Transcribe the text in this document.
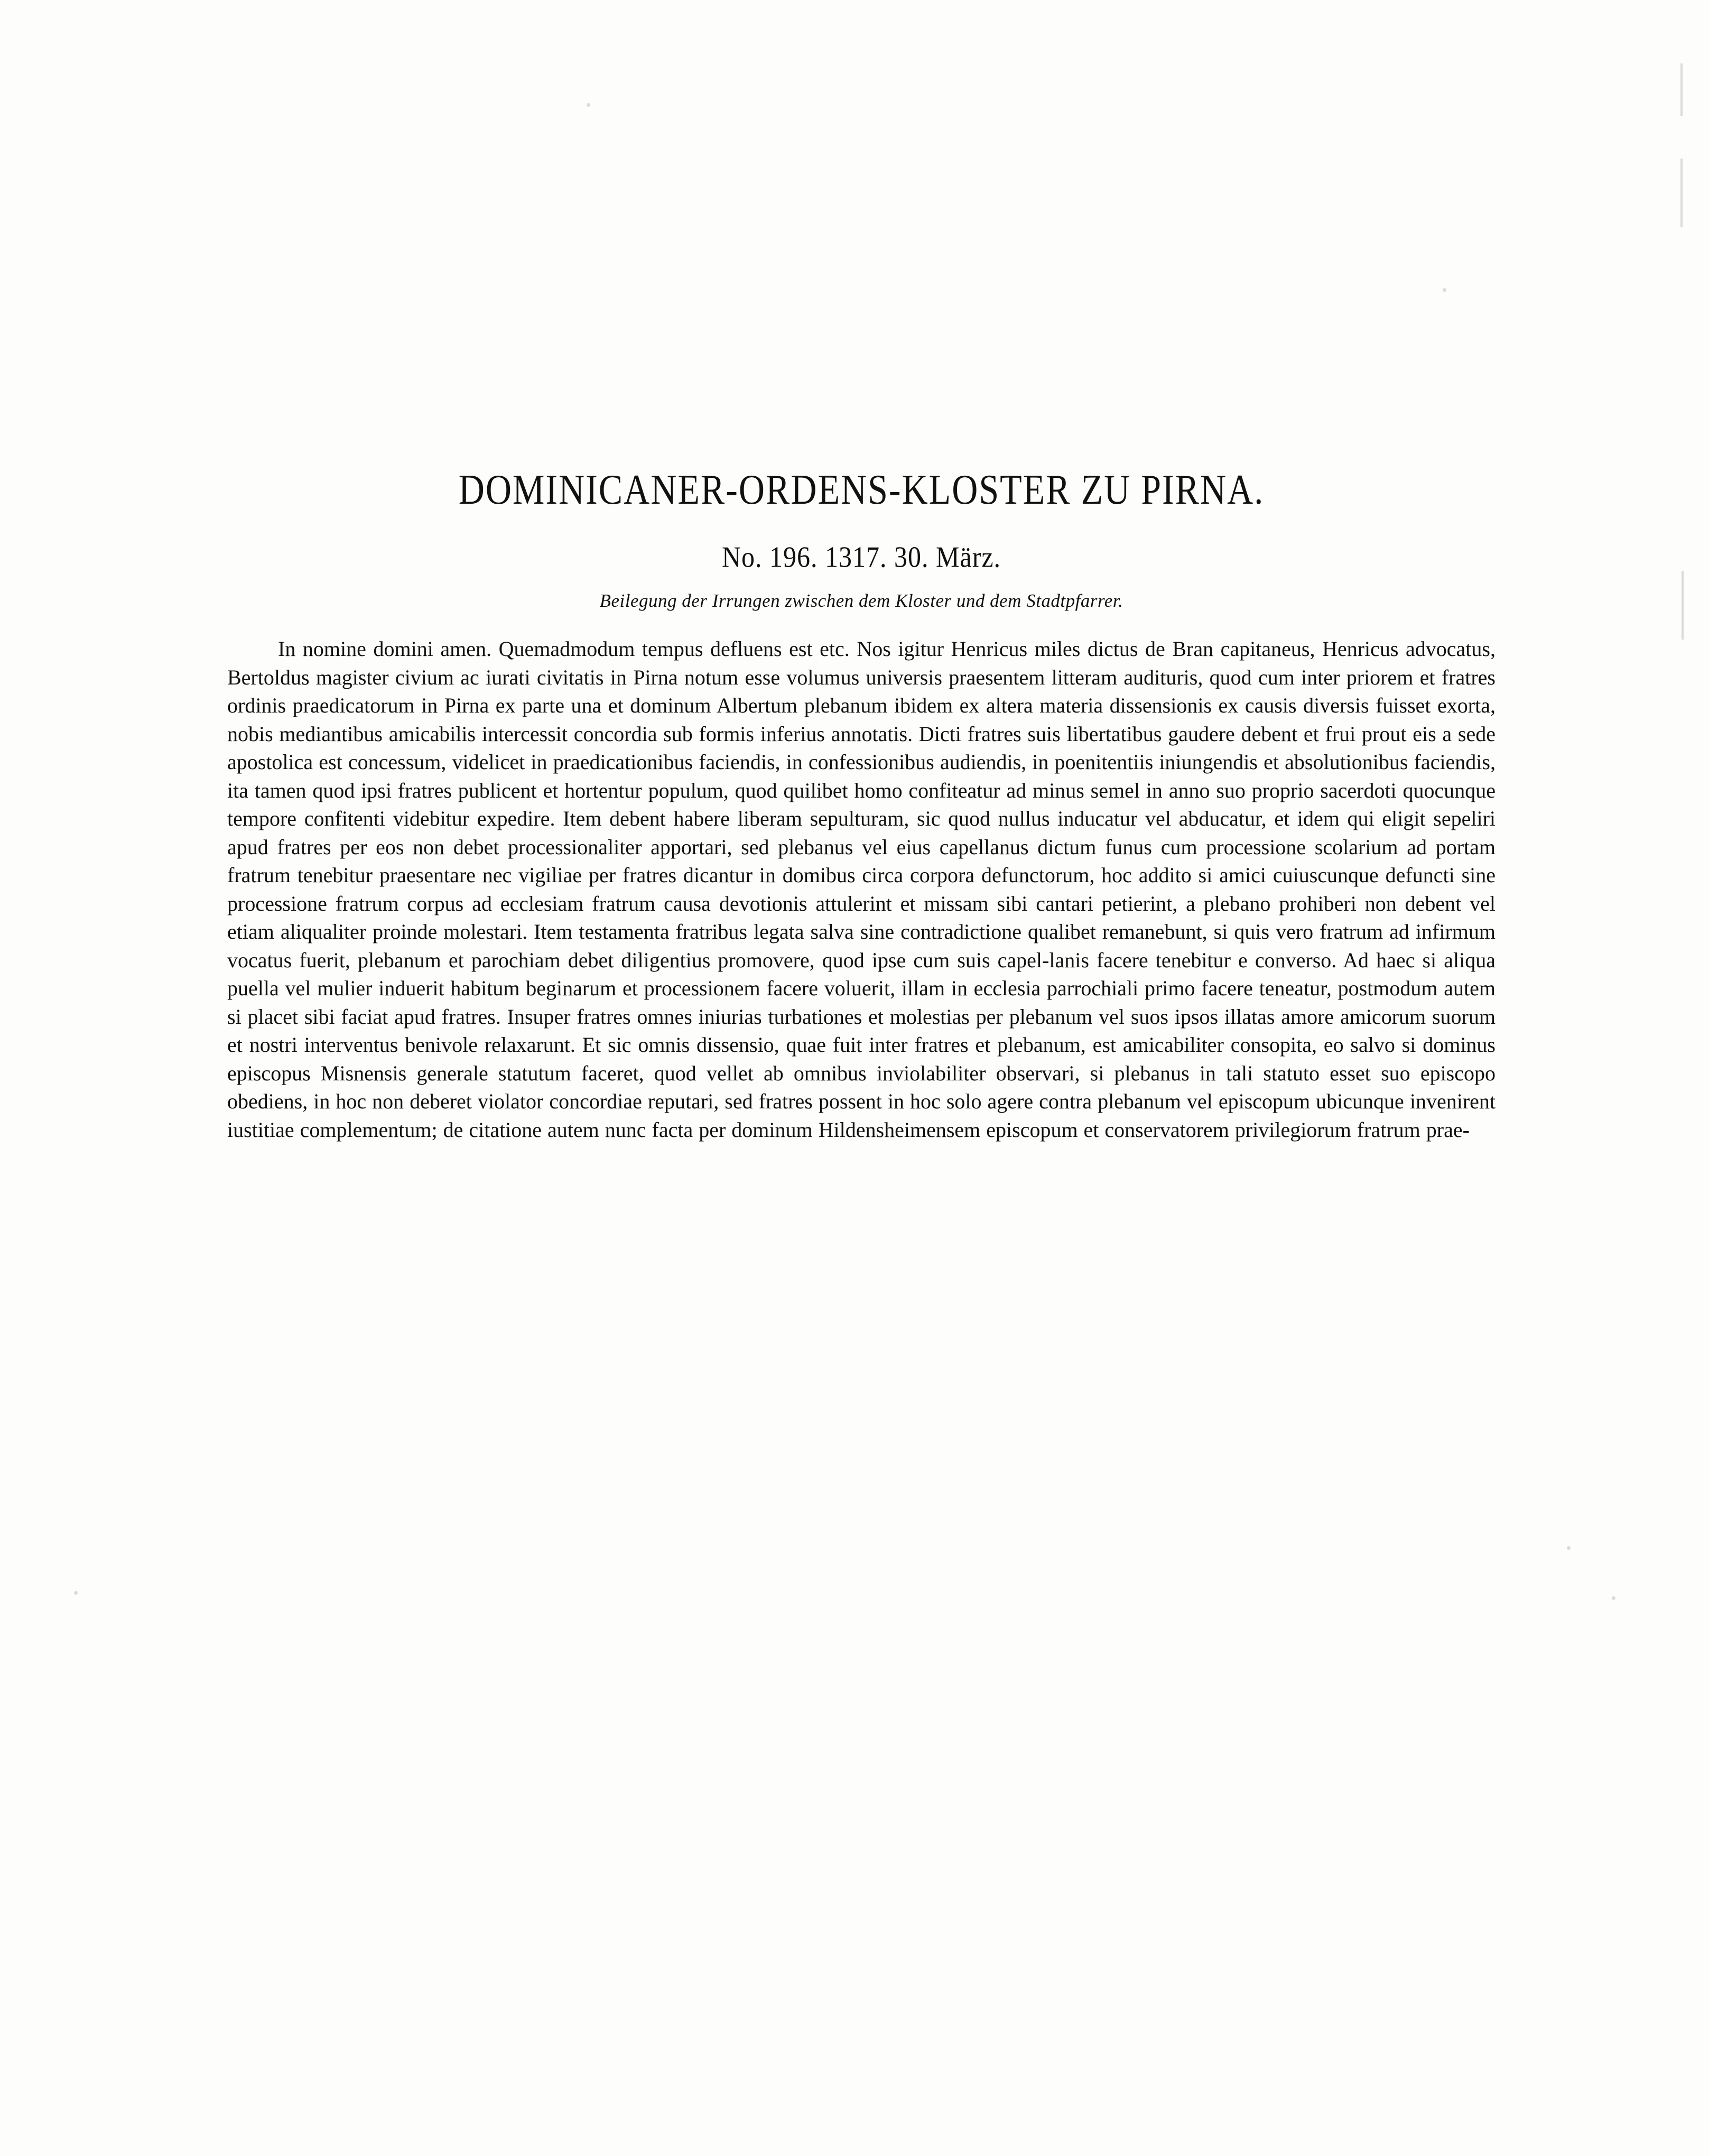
DOMINICANER-ORDENS-KLOSTER ZU PIRNA.
No. 196. 1317. 30. März.
Beilegung der Irrungen zwischen dem Kloster und dem Stadtpfarrer.

In nomine domini amen. Quemadmodum tempus defluens est etc. Nos igitur Henricus miles dictus de Bran capitaneus, Henricus advocatus, Bertoldus magister civium ac iurati civitatis in Pirna notum esse volumus universis praesentem litteram audituris, quod cum inter priorem et fratres ordinis praedicatorum in Pirna ex parte una et dominum Albertum plebanum ibidem ex altera materia dissensionis ex causis diversis fuisset exorta, nobis mediantibus amicabilis intercessit concordia sub formis inferius annotatis. Dicti fratres suis libertatibus gaudere debent et frui prout eis a sede apostolica est concessum, videlicet in praedicationibus faciendis, in confessionibus audiendis, in poenitentiis iniungendis et absolutionibus faciendis, ita tamen quod ipsi fratres publicent et hortentur populum, quod quilibet homo confiteatur ad minus semel in anno suo proprio sacerdoti quocunque tempore confitenti videbitur expedire. Item debent habere liberam sepulturam, sic quod nullus inducatur vel abducatur, et idem qui eligit sepeliri apud fratres per eos non debet processionaliter apportari, sed plebanus vel eius capellanus dictum funus cum processione scolarium ad portam fratrum tenebitur praesentare nec vigiliae per fratres dicantur in domibus circa corpora defunctorum, hoc addito si amici cuiuscunque defuncti sine processione fratrum corpus ad ecclesiam fratrum causa devotionis attulerint et missam sibi cantari petierint, a plebano prohiberi non debent vel etiam aliqualiter proinde molestari. Item testamenta fratribus legata salva sine contradictione qualibet remanebunt, si quis vero fratrum ad infirmum vocatus fuerit, plebanum et parochiam debet diligentius promovere, quod ipse cum suis capel-lanis facere tenebitur e converso. Ad haec si aliqua puella vel mulier induerit habitum beginarum et processionem facere voluerit, illam in ecclesia parrochiali primo facere teneatur, postmodum autem si placet sibi faciat apud fratres. Insuper fratres omnes iniurias turbationes et molestias per plebanum vel suos ipsos illatas amore amicorum suorum et nostri interventus benivole relaxarunt. Et sic omnis dissensio, quae fuit inter fratres et plebanum, est amicabiliter consopita, eo salvo si dominus episcopus Misnensis generale statutum faceret, quod vellet ab omnibus inviolabiliter observari, si plebanus in tali statuto esset suo episcopo obediens, in hoc non deberet violator concordiae reputari, sed fratres possent in hoc solo agere contra plebanum vel episcopum ubicunque invenirent iustitiae complementum; de citatione autem nunc facta per dominum Hildensheimensem episcopum et conservatorem privilegiorum fratrum prae-
